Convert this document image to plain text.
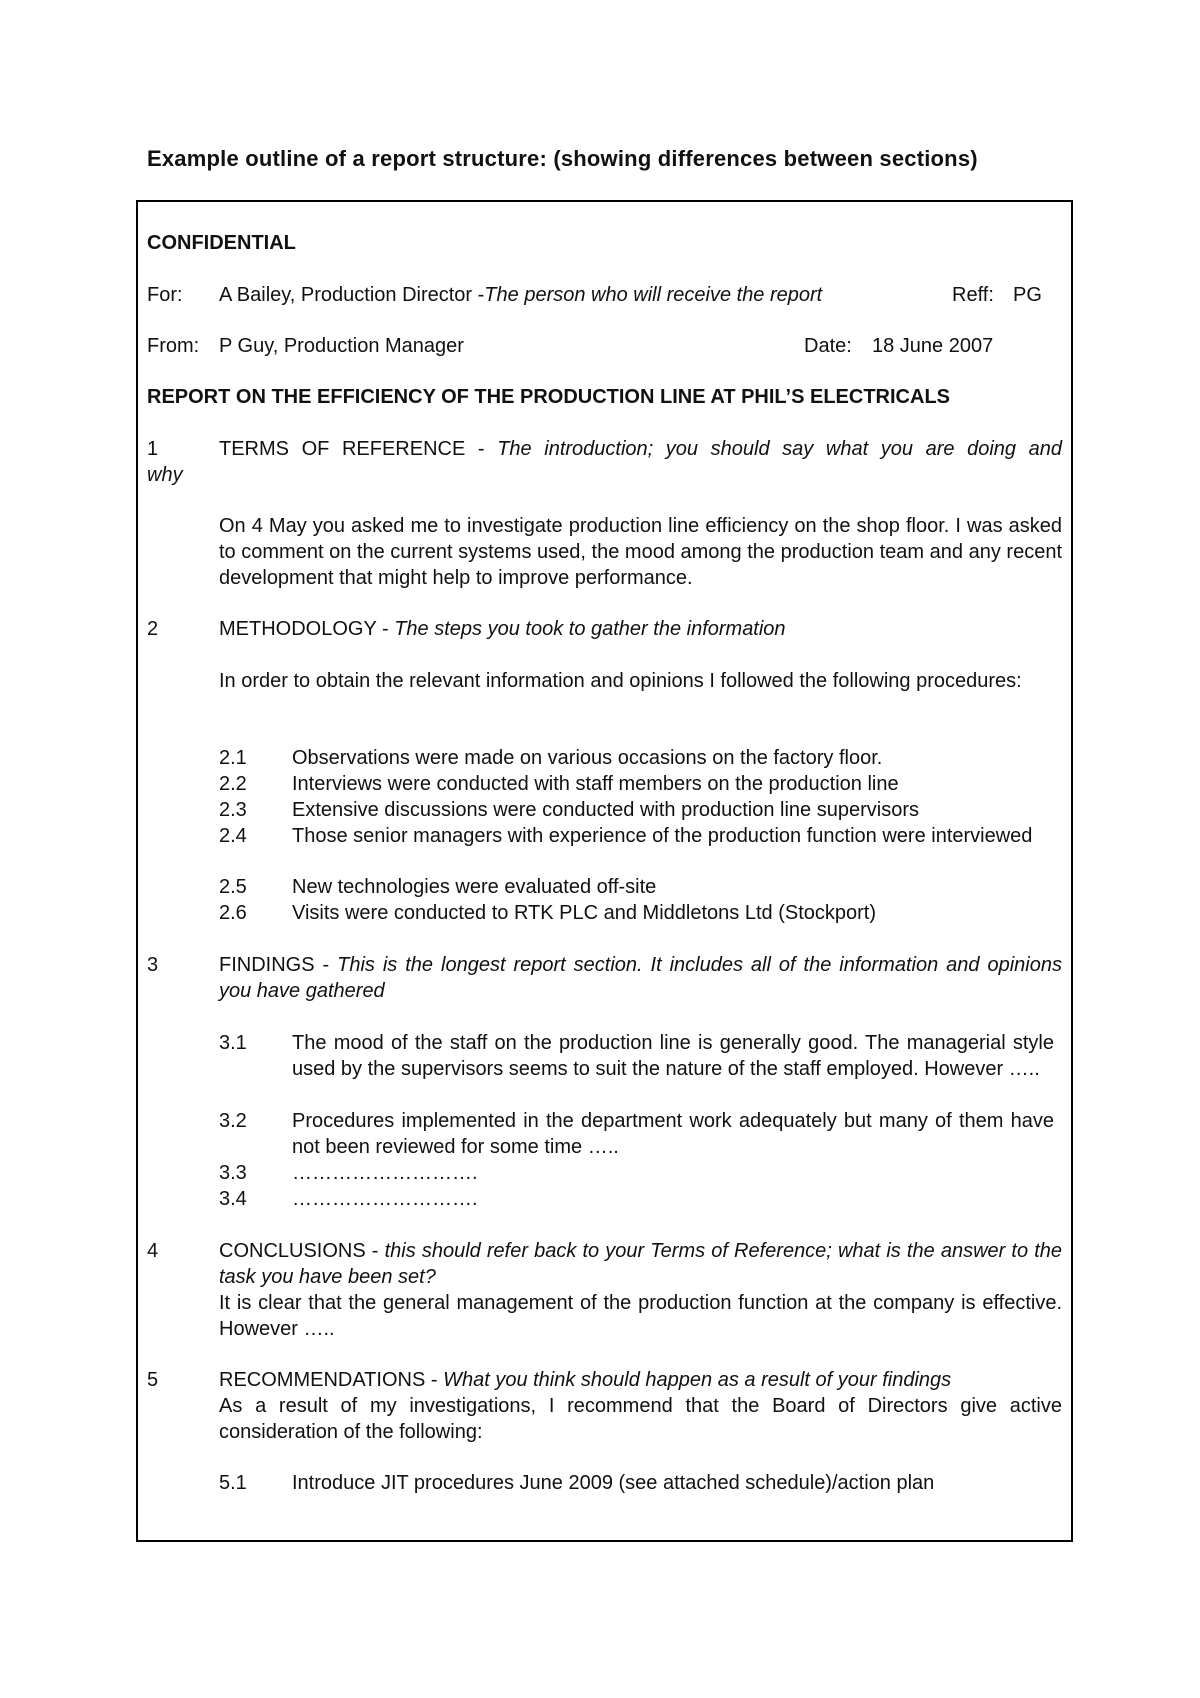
Example outline of a report structure: (showing differences between sections)
CONFIDENTIAL
For: A Bailey, Production Director -The person who will receive the report	Reff: PG
From: P Guy, Production Manager	Date: 18 June 2007
REPORT ON THE EFFICIENCY OF THE PRODUCTION LINE AT PHIL’S ELECTRICALS
1	TERMS OF REFERENCE - The introduction; you should say what you are doing and
why
On 4 May you asked me to investigate production line efficiency on the shop floor. I was asked to comment on the current systems used, the mood among the production team and any recent development that might help to improve performance.
2	METHODOLOGY - The steps you took to gather the information
In order to obtain the relevant information and opinions I followed the following procedures:
2.1 Observations were made on various occasions on the factory floor.
2.2 Interviews were conducted with staff members on the production line
2.3 Extensive discussions were conducted with production line supervisors
2.4 Those senior managers with experience of the production function were interviewed
2.5 New technologies were evaluated off-site
2.6 Visits were conducted to RTK PLC and Middletons Ltd (Stockport)
3	FINDINGS - This is the longest report section. It includes all of the information and opinions you have gathered
3.1 The mood of the staff on the production line is generally good. The managerial style used by the supervisors seems to suit the nature of the staff employed. However …..
3.2 Procedures implemented in the department work adequately but many of them have not been reviewed for some time …..
3.3 ……………………….
3.4 ……………………….
4	CONCLUSIONS - this should refer back to your Terms of Reference; what is the answer to the task you have been set?
It is clear that the general management of the production function at the company is effective. However …..
5	RECOMMENDATIONS - What you think should happen as a result of your findings
As a result of my investigations, I recommend that the Board of Directors give active consideration of the following:
5.1 Introduce JIT procedures June 2009 (see attached schedule)/action plan
